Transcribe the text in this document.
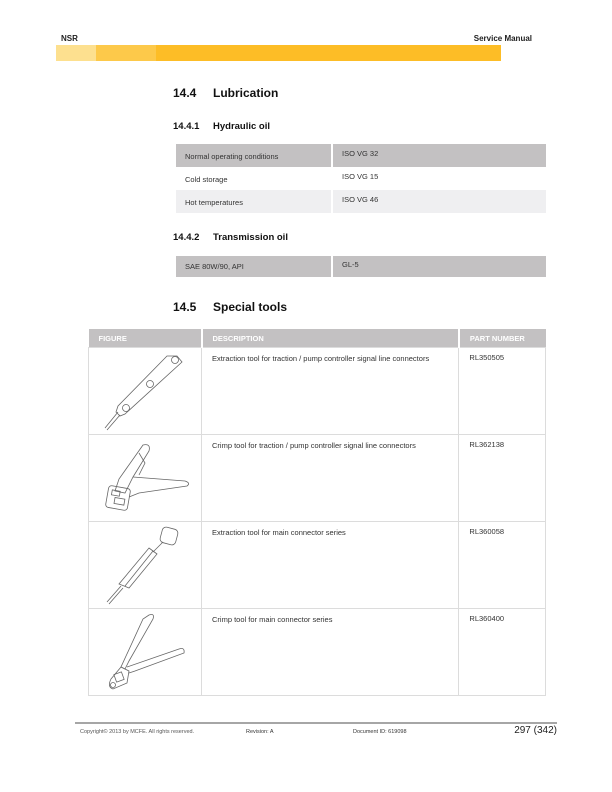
NSR	Service Manual
14.4 Lubrication
14.4.1 Hydraulic oil
Normal operating conditions	ISO VG 32
Cold storage	ISO VG 15
Hot temperatures	ISO VG 46
14.4.2 Transmission oil
SAE 80W/90, API	GL-5
14.5 Special tools
FIGURE	DESCRIPTION	PART NUMBER

	Extraction tool for traction / pump controller signal line connectors	RL350505

	Crimp tool for traction / pump controller signal line connectors	RL362138

	Extraction tool for main connector series	RL360058

	Crimp tool for main connector series	RL360400
Copyright© 2013 by MCFE. All rights reserved.	Revision: A	Document ID: 619098	297 (342)
